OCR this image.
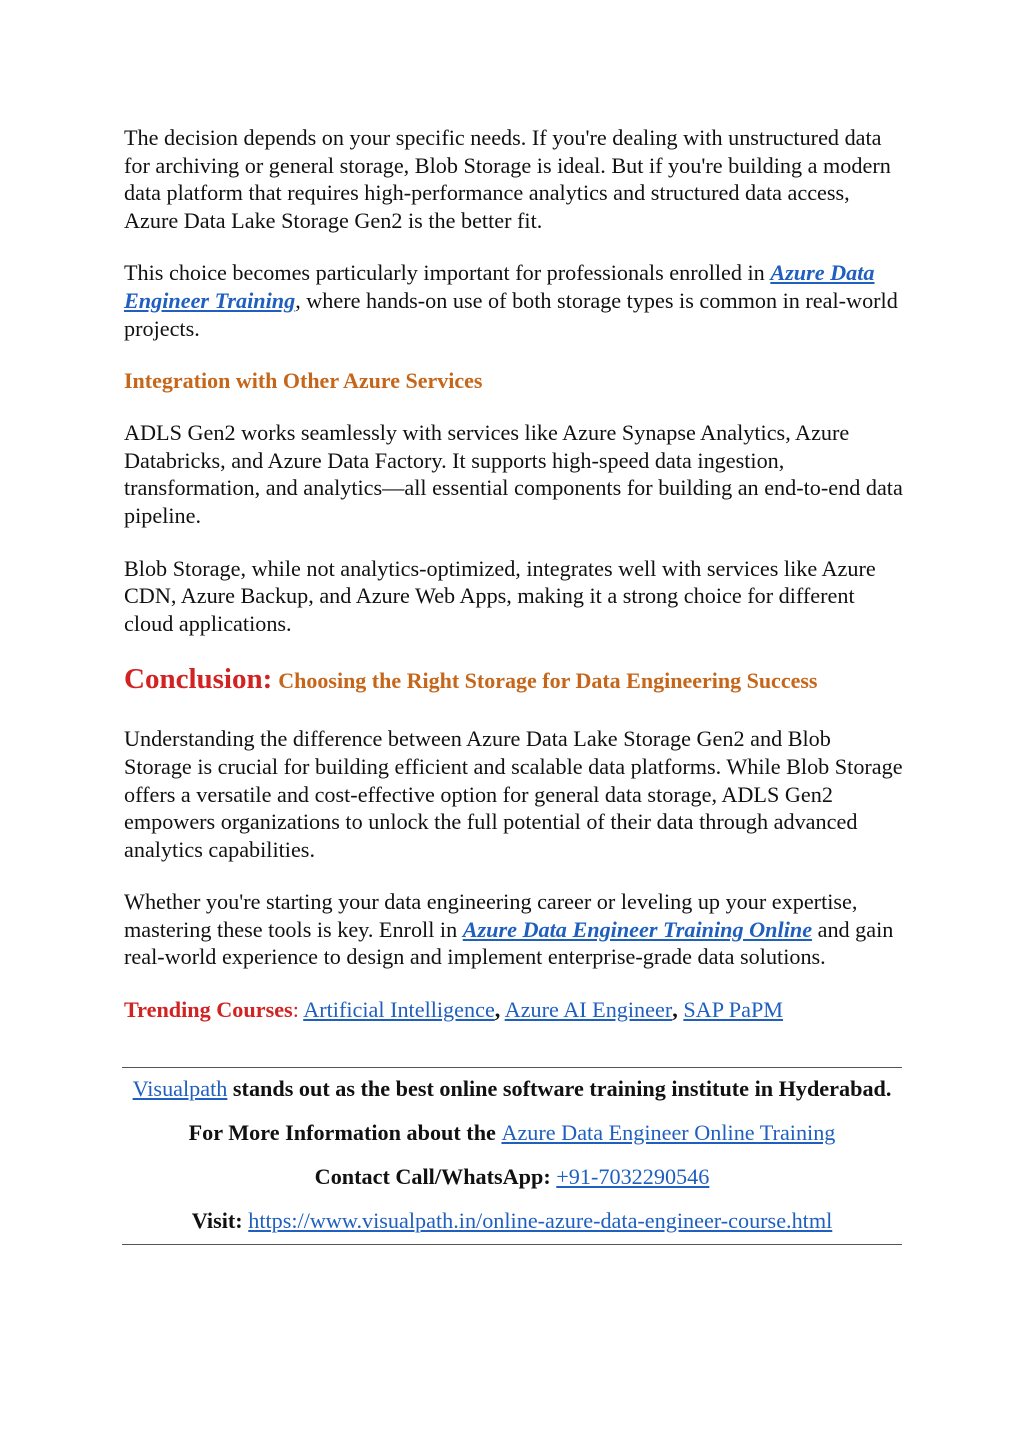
The decision depends on your specific needs. If you're dealing with unstructured data for archiving or general storage, Blob Storage is ideal. But if you're building a modern data platform that requires high-performance analytics and structured data access, Azure Data Lake Storage Gen2 is the better fit.

This choice becomes particularly important for professionals enrolled in Azure Data Engineer Training, where hands-on use of both storage types is common in real-world projects.

Integration with Other Azure Services

ADLS Gen2 works seamlessly with services like Azure Synapse Analytics, Azure Databricks, and Azure Data Factory. It supports high-speed data ingestion, transformation, and analytics—all essential components for building an end-to-end data pipeline.

Blob Storage, while not analytics-optimized, integrates well with services like Azure CDN, Azure Backup, and Azure Web Apps, making it a strong choice for different cloud applications.

Conclusion: Choosing the Right Storage for Data Engineering Success

Understanding the difference between Azure Data Lake Storage Gen2 and Blob Storage is crucial for building efficient and scalable data platforms. While Blob Storage offers a versatile and cost-effective option for general data storage, ADLS Gen2 empowers organizations to unlock the full potential of their data through advanced analytics capabilities.

Whether you're starting your data engineering career or leveling up your expertise, mastering these tools is key. Enroll in Azure Data Engineer Training Online and gain real-world experience to design and implement enterprise-grade data solutions.

Trending Courses: Artificial Intelligence, Azure AI Engineer, SAP PaPM
Visualpath stands out as the best online software training institute in Hyderabad.
For More Information about the Azure Data Engineer Online Training
Contact Call/WhatsApp: +91-7032290546
Visit: https://www.visualpath.in/online-azure-data-engineer-course.html
